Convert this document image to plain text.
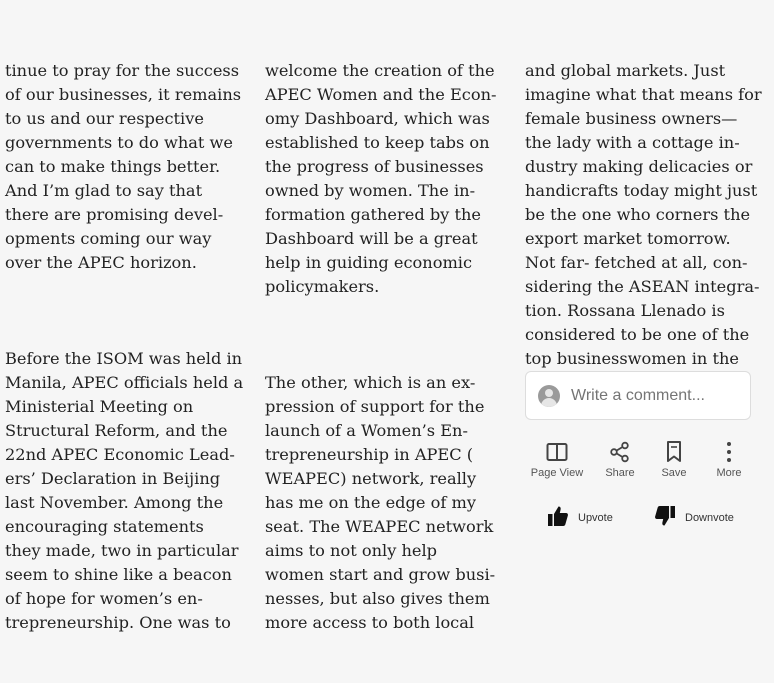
tinue to pray for the success
of our businesses, it remains
to us and our respective
governments to do what we
can to make things better.
And I’m glad to say that
there are promising devel-
opments coming our way
over the APEC horizon.

Before the ISOM was held in
Manila, APEC officials held a
Ministerial Meeting on
Structural Reform, and the
22nd APEC Economic Lead-
ers’ Declaration in Beijing
last November. Among the
encouraging statements
they made, two in particular
seem to shine like a beacon
of hope for women’s en-
trepreneurship. One was to

welcome the creation of the
APEC Women and the Econ-
omy Dashboard, which was
established to keep tabs on
the progress of businesses
owned by women. The in-
formation gathered by the
Dashboard will be a great
help in guiding economic
policymakers.

The other, which is an ex-
pression of support for the
launch of a Women’s En-
trepreneurship in APEC (
WEAPEC) network, really
has me on the edge of my
seat. The WEAPEC network
aims to not only help
women start and grow busi-
nesses, but also gives them
more access to both local

and global markets. Just
imagine what that means for
female business owners—
the lady with a cottage in-
dustry making delicacies or
handicrafts today might just
be the one who corners the
export market tomorrow.
Not far- fetched at all, con-
sidering the ASEAN integra-
tion. Rossana Llenado is
considered to be one of the
top businesswomen in the

Write a comment...
Page View	Share	Save	More
Upvote	Downvote
